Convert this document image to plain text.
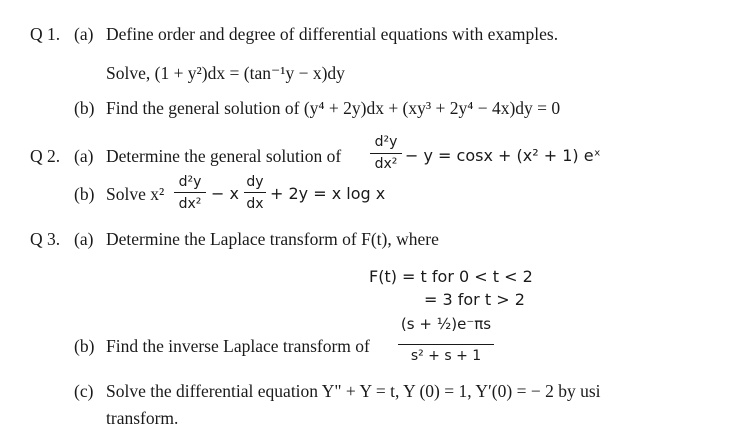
Q 1. (a) Define order and degree of differential equations with examples.
Solve, (1 + y²)dx = (tan⁻¹y − x)dy
(b) Find the general solution of (y⁴ + 2y)dx + (xy³ + 2y⁴ − 4x)dy = 0
Q 2. (a) Determine the general solution of
d²y
dx² − y = cosx + (x² + 1) eˣ
(b) Solve x²
d²y
dx²
− x
dy
dx
+ 2y = x log x
Q 3. (a) Determine the Laplace transform of F(t), where
F(t) = t for 0 < t < 2
= 3 for t > 2
(b) Find the inverse Laplace transform of
(s + ½)e⁻πs
s² + s + 1
(c) Solve the differential equation Y" + Y = t, Y (0) = 1, Y′(0) = − 2 by usi
transform.
